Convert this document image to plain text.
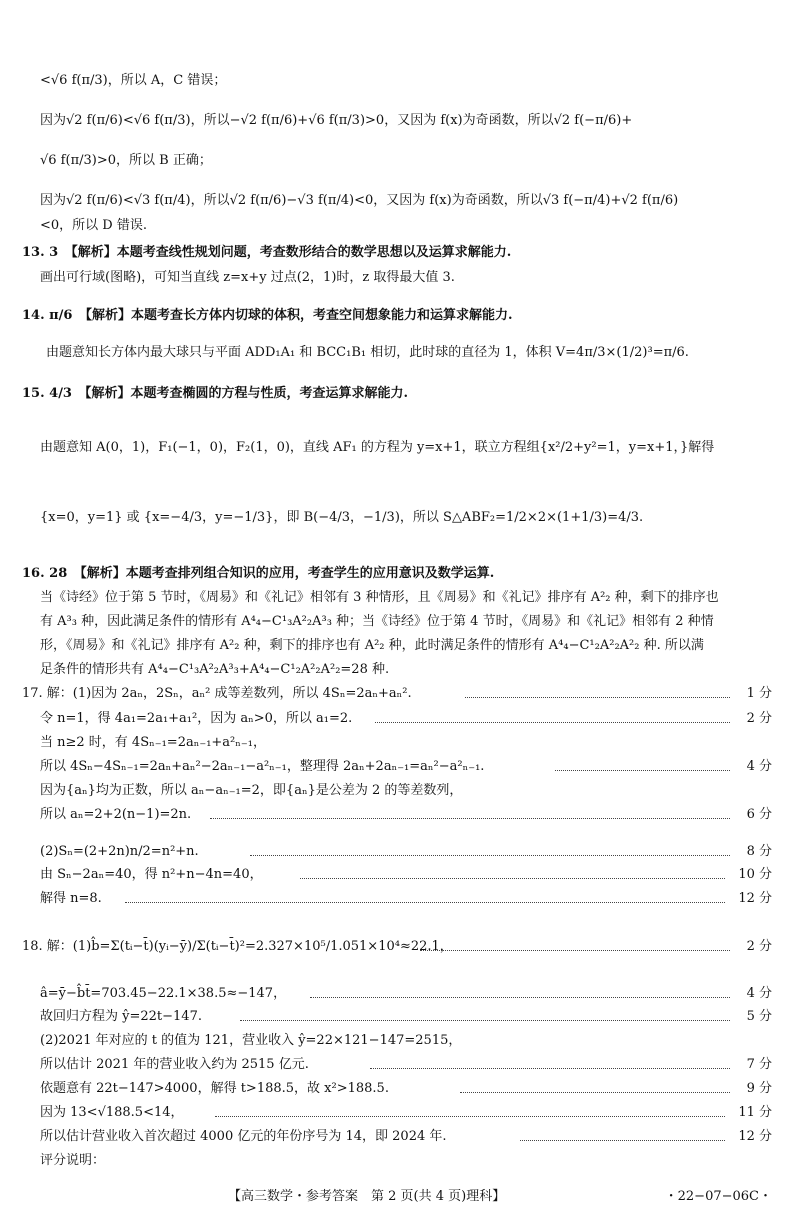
<√6 f(π/3)，所以 A，C 错误；
因为√2 f(π/6)<√6 f(π/3)，所以−√2 f(π/6)+√6 f(π/3)>0，又因为 f(x)为奇函数，所以√2 f(−π/6)+
√6 f(π/3)>0，所以 B 正确；
因为√2 f(π/6)<√3 f(π/4)，所以√2 f(π/6)−√3 f(π/4)<0，又因为 f(x)为奇函数，所以√3 f(−π/4)+√2 f(π/6)
<0，所以 D 错误.
13. 3　【解析】本题考查线性规划问题，考查数形结合的数学思想以及运算求解能力.
画出可行域(图略)，可知当直线 z=x+y 过点(2，1)时，z 取得最大值 3.
14. π/6　【解析】本题考查长方体内切球的体积，考查空间想象能力和运算求解能力.
由题意知长方体内最大球只与平面 ADD₁A₁ 和 BCC₁B₁ 相切，此时球的直径为 1，体积 V=4π/3×(1/2)³=π/6.
15. 4/3　【解析】本题考查椭圆的方程与性质，考查运算求解能力.
由题意知 A(0，1)，F₁(−1，0)，F₂(1，0)，直线 AF₁ 的方程为 y=x+1，联立方程组{x²/2+y²=1，y=x+1，}解得
{x=0，y=1} 或 {x=−4/3，y=−1/3}，即 B(−4/3，−1/3)，所以 S△ABF₂=1/2×2×(1+1/3)=4/3.
16. 28　【解析】本题考查排列组合知识的应用，考查学生的应用意识及数学运算.
当《诗经》位于第 5 节时，《周易》和《礼记》相邻有 3 种情形，且《周易》和《礼记》排序有 A²₂ 种，剩下的排序也
有 A³₃ 种，因此满足条件的情形有 A⁴₄−C¹₃A²₂A³₃ 种；当《诗经》位于第 4 节时，《周易》和《礼记》相邻有 2 种情
形，《周易》和《礼记》排序有 A²₂ 种，剩下的排序也有 A²₂ 种，此时满足条件的情形有 A⁴₄−C¹₂A²₂A²₂ 种. 所以满
足条件的情形共有 A⁴₄−C¹₃A²₂A³₃+A⁴₄−C¹₂A²₂A²₂=28 种.
17. 解：(1)因为 2aₙ，2Sₙ，aₙ² 成等差数列，所以 4Sₙ=2aₙ+aₙ².	1 分
令 n=1，得 4a₁=2a₁+a₁²，因为 aₙ>0，所以 a₁=2.	2 分
当 n≥2 时，有 4Sₙ₋₁=2aₙ₋₁+a²ₙ₋₁，
所以 4Sₙ−4Sₙ₋₁=2aₙ+aₙ²−2aₙ₋₁−a²ₙ₋₁，整理得 2aₙ+2aₙ₋₁=aₙ²−a²ₙ₋₁.	4 分
因为{aₙ}均为正数，所以 aₙ−aₙ₋₁=2，即{aₙ}是公差为 2 的等差数列，
所以 aₙ=2+2(n−1)=2n.	6 分
(2)Sₙ=(2+2n)n/2=n²+n.	8 分
由 Sₙ−2aₙ=40，得 n²+n−4n=40，	10 分
解得 n=8.	12 分
18. 解：(1)b̂=Σ(tᵢ−t̄)(yᵢ−ȳ)/Σ(tᵢ−t̄)²=2.327×10⁵/1.051×10⁴≈22.1，	2 分
â=ȳ−b̂t̄=703.45−22.1×38.5≈−147，	4 分
故回归方程为 ŷ=22t−147.	5 分
(2)2021 年对应的 t 的值为 121，营业收入 ŷ=22×121−147=2515，
所以估计 2021 年的营业收入约为 2515 亿元.	7 分
依题意有 22t−147>4000，解得 t>188.5，故 x²>188.5.	9 分
因为 13<√188.5<14，	11 分
所以估计营业收入首次超过 4000 亿元的年份序号为 14，即 2024 年.	12 分
评分说明：
【高三数学・参考答案　第 2 页(共 4 页)理科】	・22−07−06C・
